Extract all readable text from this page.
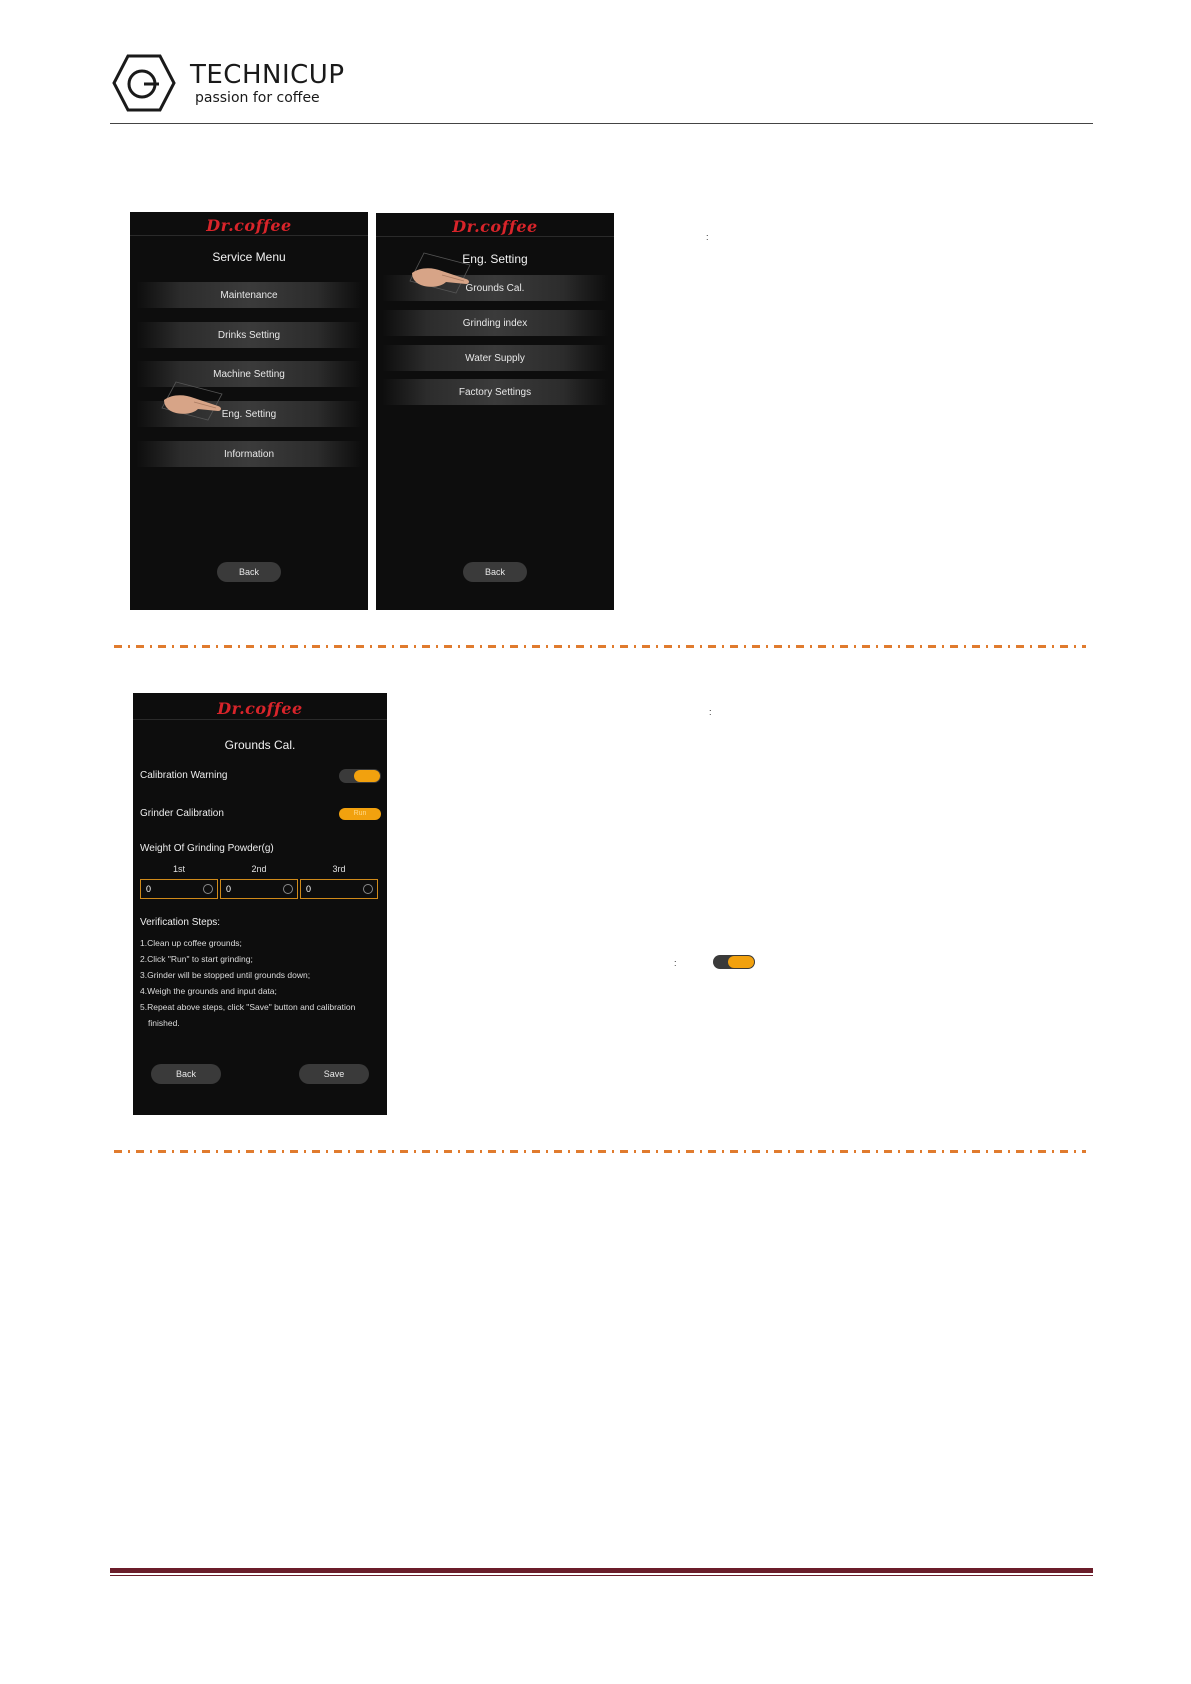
TECHNICUP
passion for coffee
Dr.coffee
Service Menu
Maintenance
Drinks Setting
Machine Setting
Eng. Setting
Information
Back
Dr.coffee
Eng. Setting
Grounds Cal.
Grinding index
Water Supply
Factory Settings
Back
:
Dr.coffee
Grounds Cal.
Calibration Warning
Grinder Calibration	Run
Weight Of Grinding Powder(g)
1st	2nd	3rd
0	0	0
Verification Steps:
1.Clean up coffee grounds;
2.Click "Run" to start grinding;
3.Grinder will be stopped until grounds down;
4.Weigh the grounds and input data;
5.Repeat above steps, click "Save" button and calibration
finished.
Back	Save
:
:
